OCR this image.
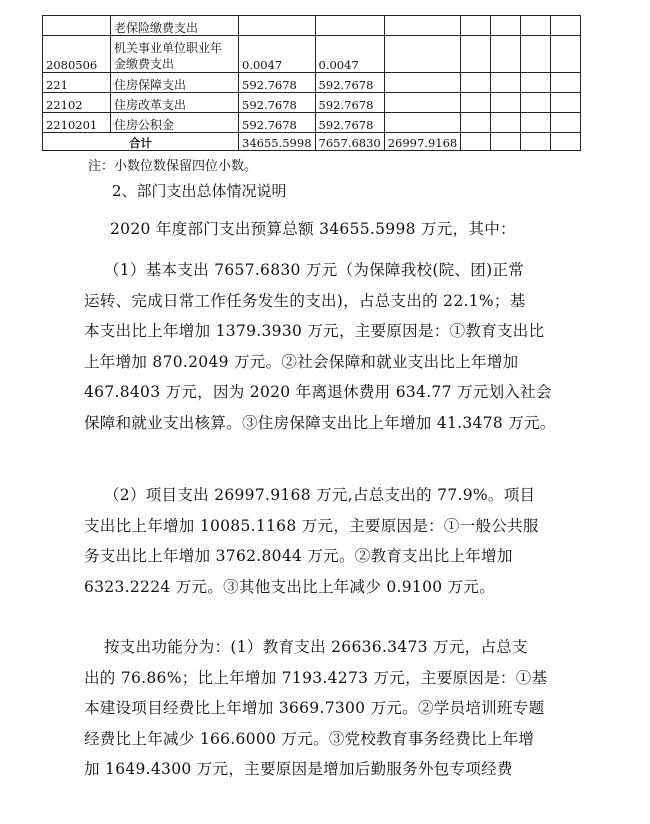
	老保险缴费支出							
2080506	机关事业单位职业年
金缴费支出	0.0047	0.0047					
221	住房保障支出	592.7678	592.7678					
22102	住房改革支出	592.7678	592.7678					
2210201	住房公积金	592.7678	592.7678					
合计		34655.5998	7657.6830	26997.9168				
注：小数位数保留四位小数。
2、部门支出总体情况说明

2020 年度部门支出预算总额 34655.5998 万元，其中：

（1）基本支出 7657.6830 万元（为保障我校(院、团)正常
运转、完成日常工作任务发生的支出)，占总支出的 22.1%；基
本支出比上年增加 1379.3930 万元，主要原因是：①教育支出比
上年增加 870.2049 万元。②社会保障和就业支出比上年增加
467.8403 万元，因为 2020 年离退休费用 634.77 万元划入社会
保障和就业支出核算。③住房保障支出比上年增加 41.3478 万元。

（2）项目支出 26997.9168 万元,占总支出的 77.9%。项目
支出比上年增加 10085.1168 万元，主要原因是：①一般公共服
务支出比上年增加 3762.8044 万元。②教育支出比上年增加
6323.2224 万元。③其他支出比上年减少 0.9100 万元。

按支出功能分为：(1）教育支出 26636.3473 万元，占总支
出的 76.86%；比上年增加 7193.4273 万元，主要原因是：①基
本建设项目经费比上年增加 3669.7300 万元。②学员培训班专题
经费比上年减少 166.6000 万元。③党校教育事务经费比上年增
加 1649.4300 万元，主要原因是增加后勤服务外包专项经费
